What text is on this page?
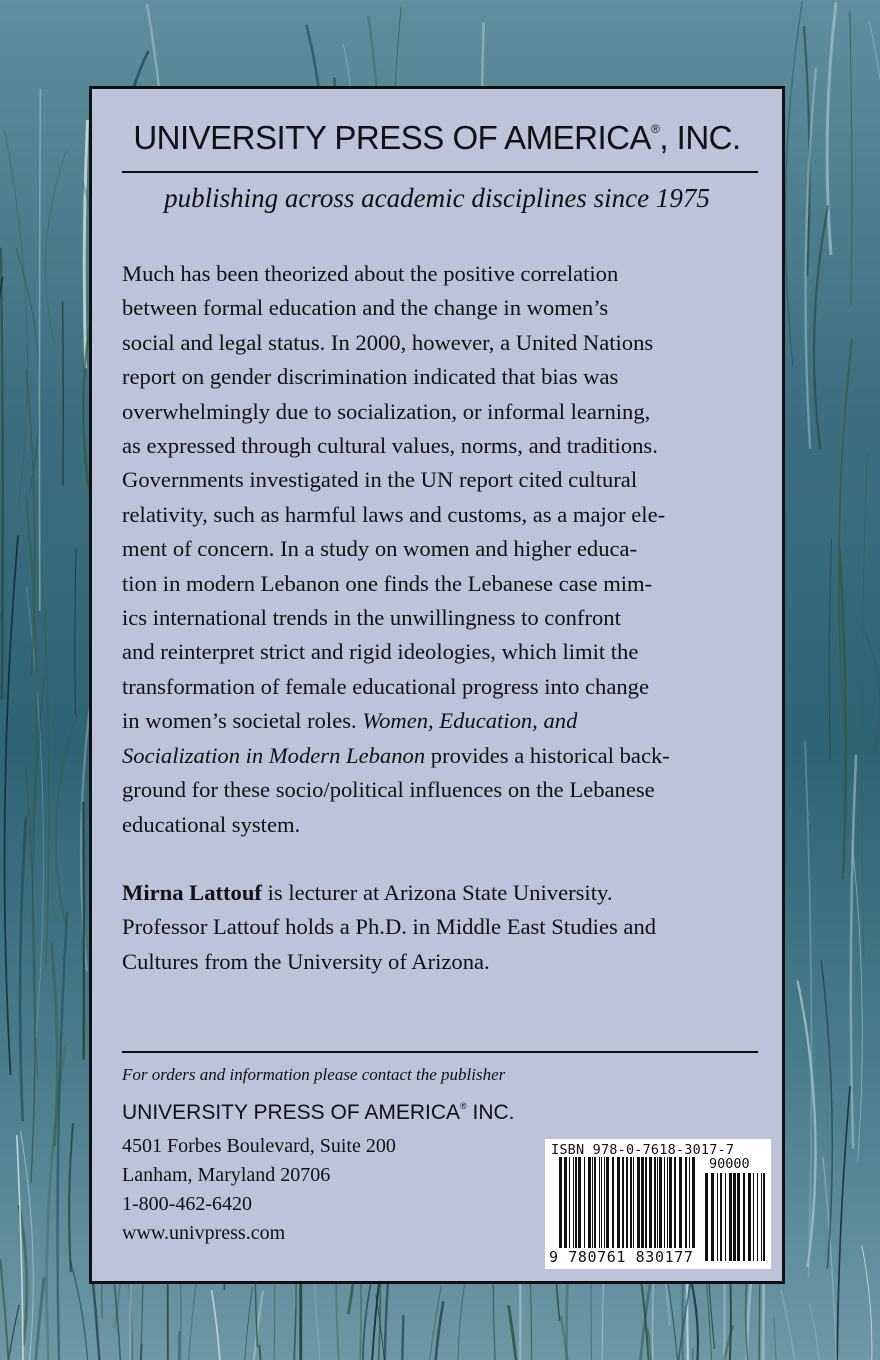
UNIVERSITY PRESS OF AMERICA®, INC.
publishing across academic disciplines since 1975
Much has been theorized about the positive correlation
between formal education and the change in women’s
social and legal status. In 2000, however, a United Nations
report on gender discrimination indicated that bias was
overwhelmingly due to socialization, or informal learning,
as expressed through cultural values, norms, and traditions.
Governments investigated in the UN report cited cultural
relativity, such as harmful laws and customs, as a major ele-
ment of concern. In a study on women and higher educa-
tion in modern Lebanon one finds the Lebanese case mim-
ics international trends in the unwillingness to confront
and reinterpret strict and rigid ideologies, which limit the
transformation of female educational progress into change
in women’s societal roles. Women, Education, and
Socialization in Modern Lebanon provides a historical back-
ground for these socio/political influences on the Lebanese
educational system.
Mirna Lattouf is lecturer at Arizona State University.
Professor Lattouf holds a Ph.D. in Middle East Studies and
Cultures from the University of Arizona.
For orders and information please contact the publisher
UNIVERSITY PRESS OF AMERICA® INC.
4501 Forbes Boulevard, Suite 200
Lanham, Maryland 20706
1-800-462-6420
www.univpress.com
ISBN 978-0-7618-3017-7
90000
9 780761 830177
